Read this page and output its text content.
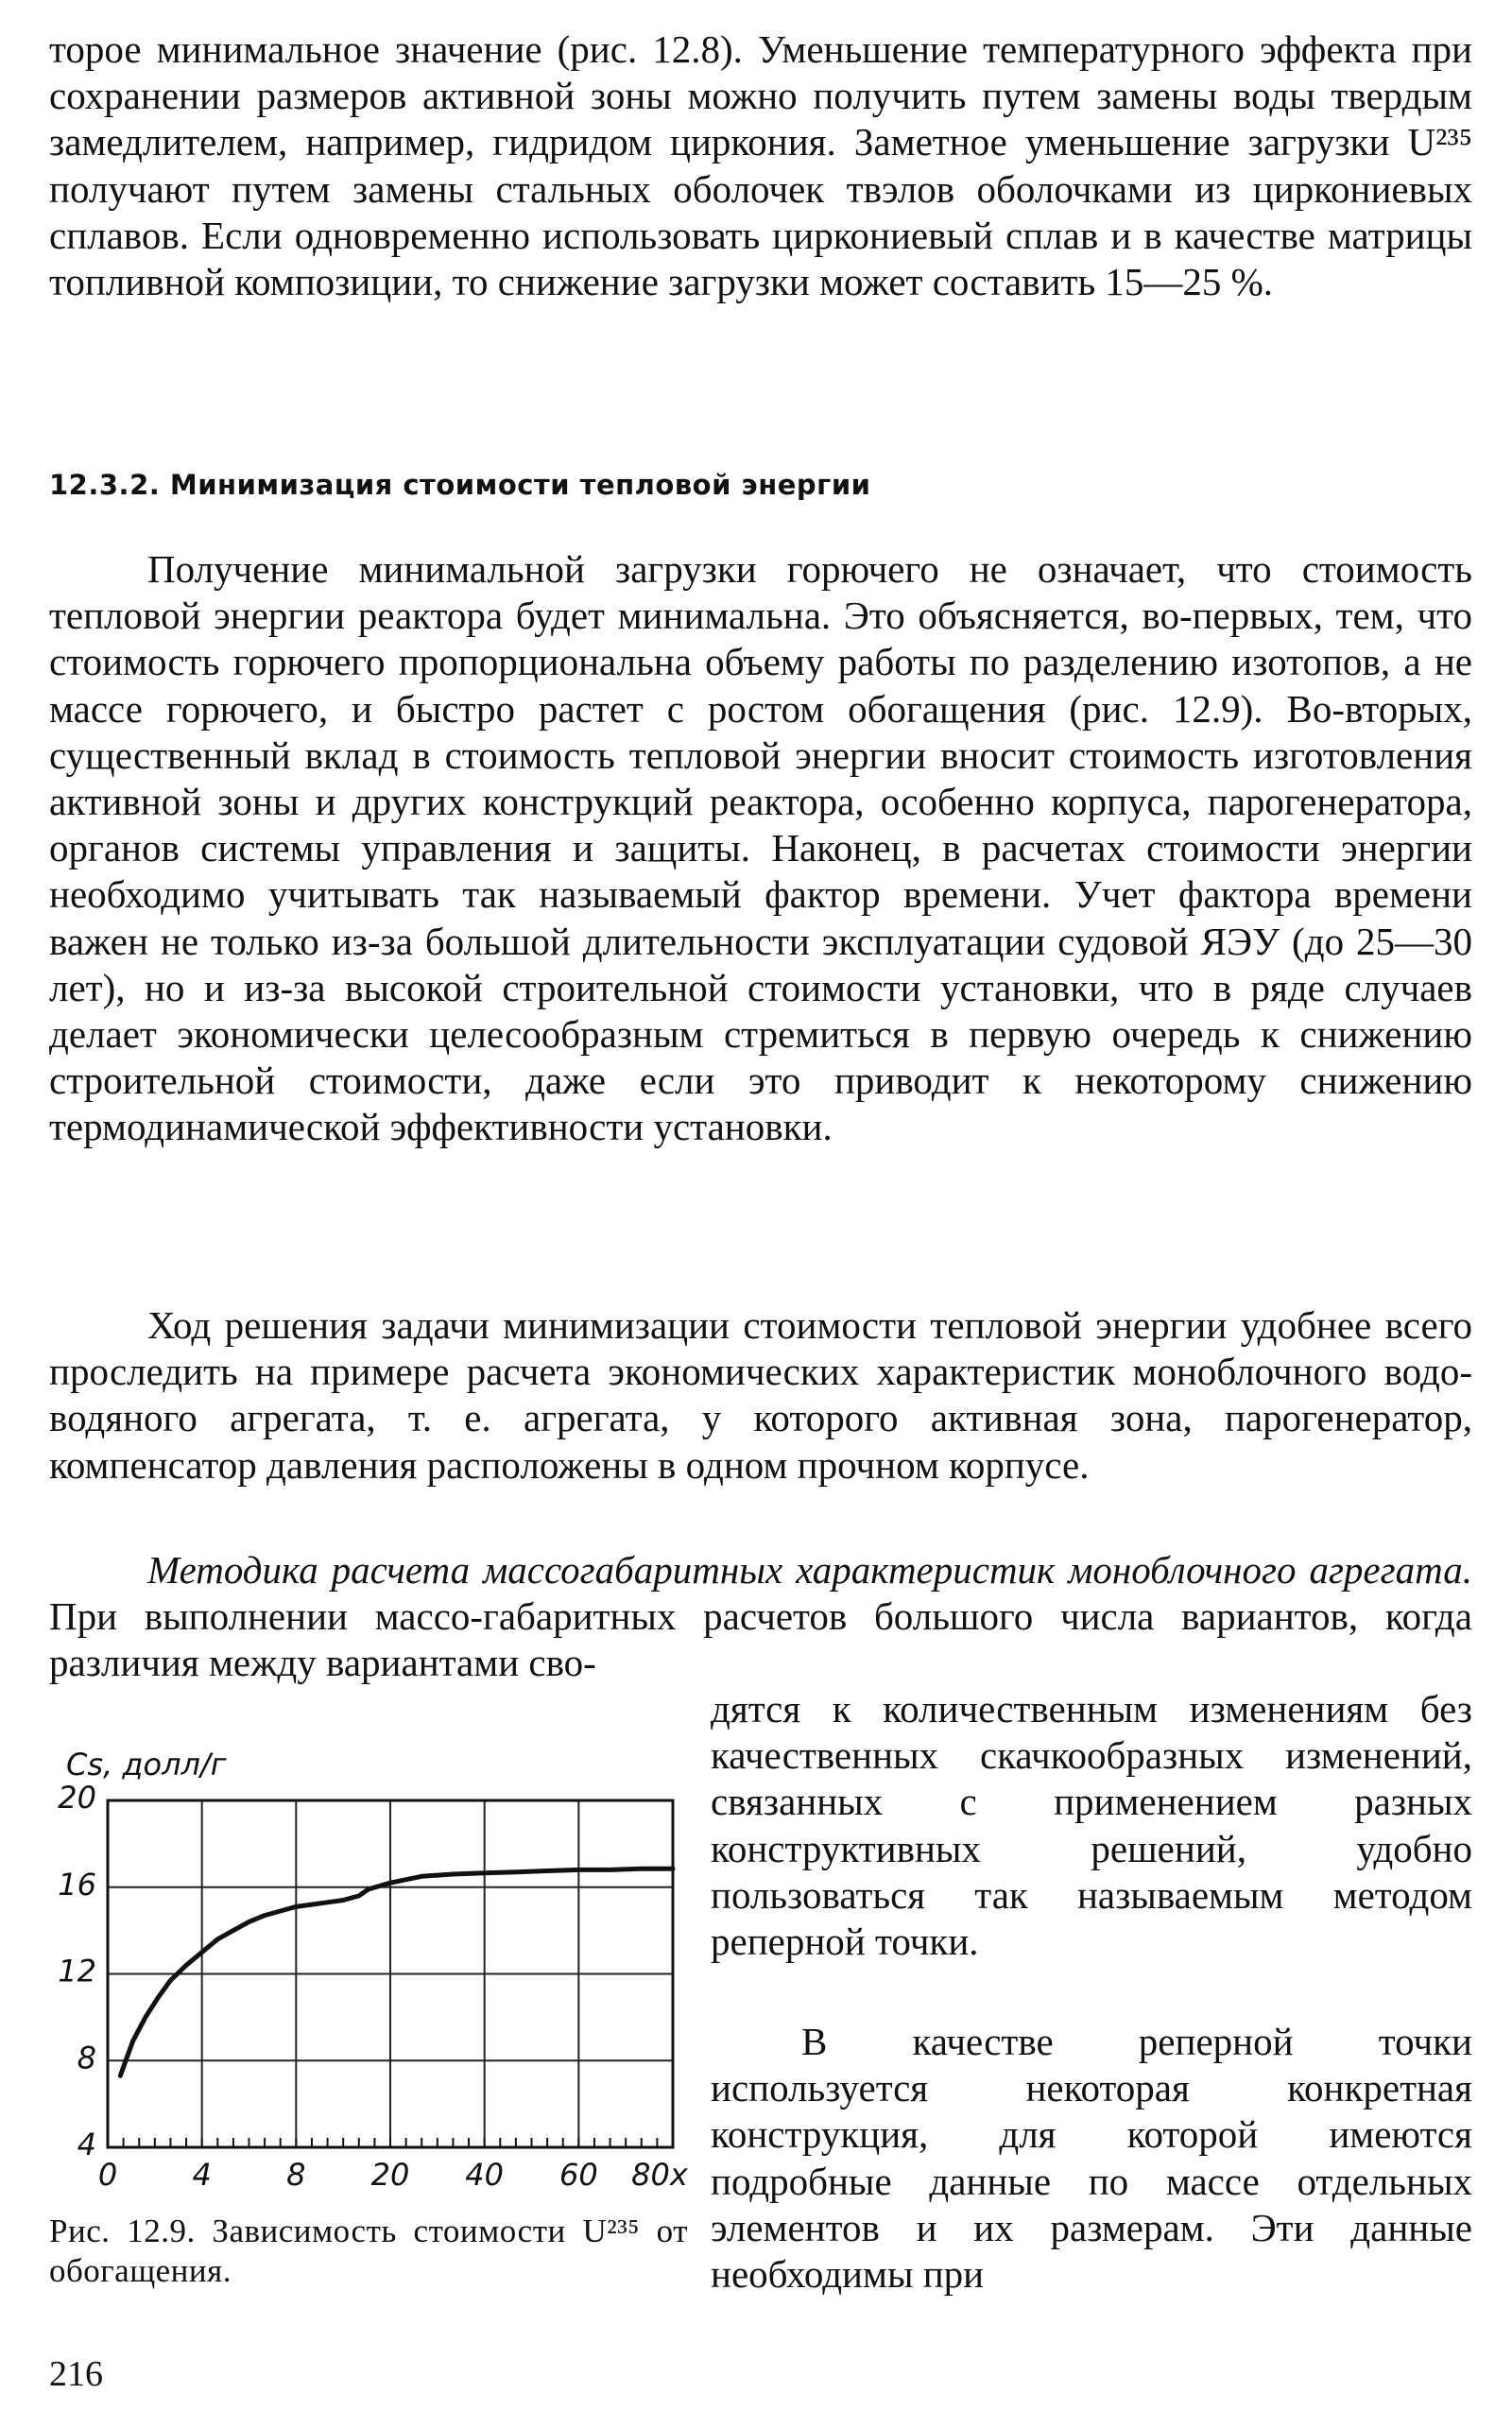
торое минимальное значение (рис. 12.8). Уменьшение температурного эффекта при сохранении размеров активной зоны можно получить путем замены воды твердым замедлителем, например, гидридом циркония. Заметное уменьшение загрузки U²³⁵ получают путем замены стальных оболочек твэлов оболочками из циркониевых сплавов. Если одновременно использовать циркониевый сплав и в качестве матрицы топливной композиции, то снижение загрузки может составить 15—25 %.

12.3.2. Минимизация стоимости тепловой энергии

Получение минимальной загрузки горючего не означает, что стоимость тепловой энергии реактора будет минимальна. Это объясняется, во-первых, тем, что стоимость горючего пропорциональна объему работы по разделению изотопов, а не массе горючего, и быстро растет с ростом обогащения (рис. 12.9). Во-вторых, существенный вклад в стоимость тепловой энергии вносит стоимость изготовления активной зоны и других конструкций реактора, особенно корпуса, парогенератора, органов системы управления и защиты. Наконец, в расчетах стоимости энергии необходимо учитывать так называемый фактор времени. Учет фактора времени важен не только из-за большой длительности эксплуатации судовой ЯЭУ (до 25—30 лет), но и из-за высокой строительной стоимости установки, что в ряде случаев делает экономически целесообразным стремиться в первую очередь к снижению строительной стоимости, даже если это приводит к некоторому снижению термодинамической эффективности установки.

Ход решения задачи минимизации стоимости тепловой энергии удобнее всего проследить на примере расчета экономических характеристик моноблочного водо-водяного агрегата, т. е. агрегата, у которого активная зона, парогенератор, компенсатор давления расположены в одном прочном корпусе.

Методика расчета массогабаритных характеристик моноблочного агрегата. При выполнении массо-габаритных расчетов большого числа вариантов, когда различия между вариантами сво-

дятся к количественным изменениям без качественных скачкообразных изменений, связанных с применением разных конструктивных решений, удобно пользоваться так называемым методом реперной точки.

В качестве реперной точки используется некоторая конкретная конструкция, для которой имеются подробные данные по массе отдельных элементов и их размерам. Эти данные необходимы при

Cs, долл/г
4
8
12
16
20
0 4 8 20 40 60 80x
Рис. 12.9. Зависимость стоимости U²³⁵ от обогащения.
216
